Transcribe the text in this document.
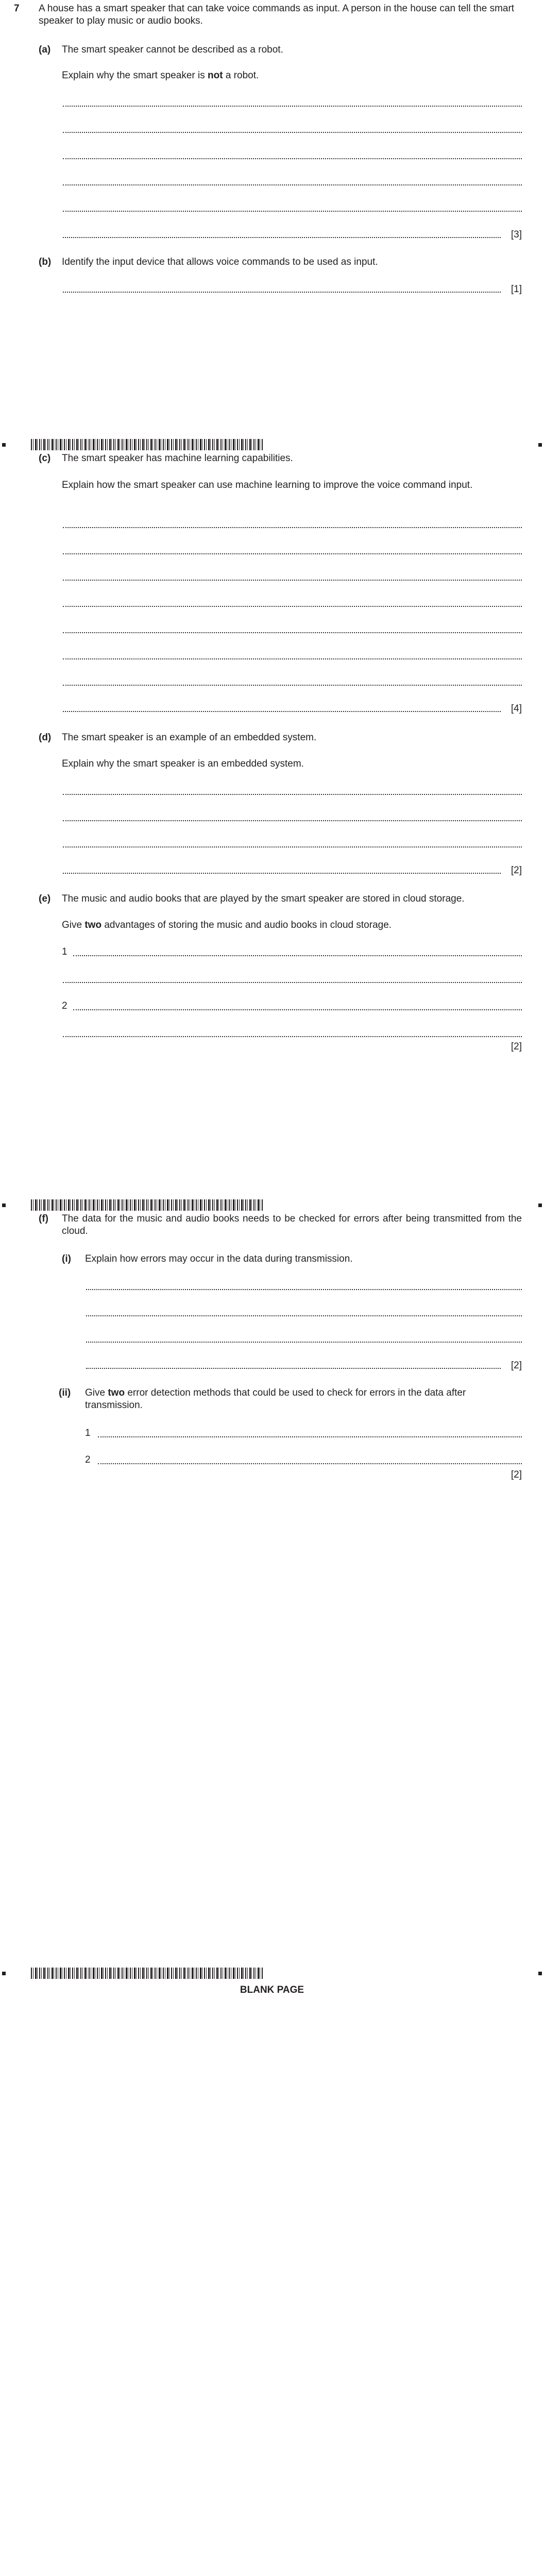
7 A house has a smart speaker that can take voice commands as input. A person in the house can tell the smart speaker to play music or audio books.
(a) The smart speaker cannot be described as a robot.
Explain why the smart speaker is not a robot.
[3]
(b) Identify the input device that allows voice commands to be used as input.
[1]
(c) The smart speaker has machine learning capabilities.
Explain how the smart speaker can use machine learning to improve the voice command input.
[4]
(d) The smart speaker is an example of an embedded system.
Explain why the smart speaker is an embedded system.
[2]
(e) The music and audio books that are played by the smart speaker are stored in cloud storage.
Give two advantages of storing the music and audio books in cloud storage.
1
2
[2]
(f) The data for the music and audio books needs to be checked for errors after being transmitted from the cloud.
(i) Explain how errors may occur in the data during transmission.
[2]
(ii) Give two error detection methods that could be used to check for errors in the data after transmission.
1
2
[2]
BLANK PAGE
